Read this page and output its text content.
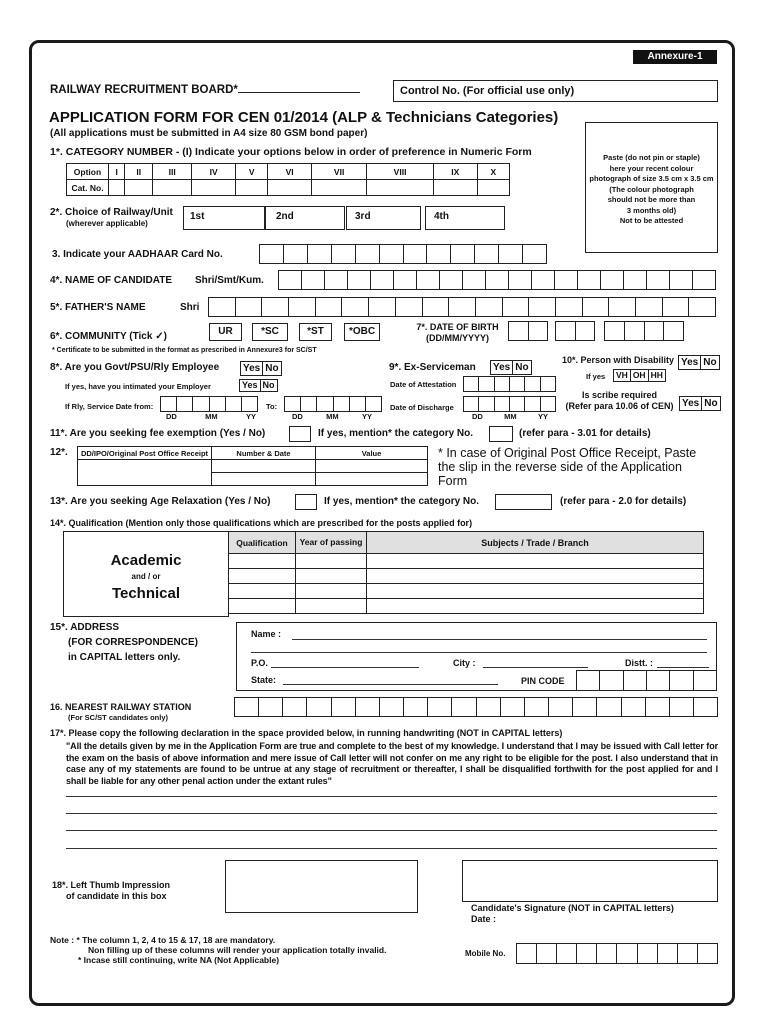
Annexure-1
RAILWAY RECRUITMENT BOARD*	Control No. (For official use only)
APPLICATION FORM FOR CEN 01/2014 (ALP & Technicians Categories)
(All applications must be submitted in A4 size 80 GSM bond paper)
Paste (do not pin or staple)
here your recent colour
photograph of size 3.5 cm x 3.5 cm
(The colour photograph
should not be more than
3 months old)
Not to be attested
1*. CATEGORY NUMBER - (I) Indicate your options below in order of preference in Numeric Form
Option	I	II	III	IV	V	VI	VII	VIII	IX	X
Cat. No.										
2*. Choice of Railway/Unit
(wherever applicable)
1st	2nd	3rd	4th
3. Indicate your AADHAAR Card No.
4*. NAME OF CANDIDATE Shri/Smt/Kum.
5*. FATHER'S NAME	Shri
6*. COMMUNITY (Tick ✓)	UR	*SC	*ST	*OBC
* Certificate to be submitted in the format as prescribed in Annexure3 for SC/ST
7*. DATE OF BIRTH
(DD/MM/YYYY)
8*. Are you Govt/PSU/Rly Employee Yes No
If yes, have you intimated your Employer	Yes No
If Rly, Service Date from:
DD	MM	YY
To:
DD	MM	YY
9*. Ex-Serviceman Yes No
Date of Attestation
Date of Discharge
DD	MM	YY
10*. Person with Disability Yes No
If yes VH OH HH
Is scribe required
(Refer para 10.06 of CEN) Yes No
11*. Are you seeking fee exemption (Yes / No)	If yes, mention* the category No.	(refer para - 3.01 for details)
12*. DD/IPO/Original Post Office Receipt	Number & Date	Value

		* In case of Original Post Office Receipt, Paste the slip in the reverse side of the Application Form
13*. Are you seeking Age Relaxation (Yes / No)	If yes, mention* the category No.	(refer para - 2.0 for details)
14*. Qualification (Mention only those qualifications which are prescribed for the posts applied for)
Academic
and / or
Technical
Qualification	Year of passing	Subjects / Trade / Branch

15*. ADDRESS
(FOR CORRESPONDENCE)
in CAPITAL letters only.
Name :
P.O.	City :	Distt. :
State:	PIN CODE
16. NEAREST RAILWAY STATION
(For SC/ST candidates only)
17*. Please copy the following declaration in the space provided below, in running handwriting (NOT in CAPITAL letters)
"All the details given by me in the Application Form are true and complete to the best of my knowledge. I understand that I may be issued with Call letter for the exam on the basis of above information and mere issue of Call letter will not confer on me any right to be eligible for the post. I also understand that in case any of my statements are found to be untrue at any stage of recruitment or thereafter, I shall be disqualified forthwith for the post applied for and I shall be liable for any other penal action under the extant rules"
18*. Left Thumb Impression
of candidate in this box
Candidate's Signature (NOT in CAPITAL letters)
Date :
Note : * The column 1, 2, 4 to 15 & 17, 18 are mandatory.
Non filling up of these columns will render your application totally invalid.
* Incase still continuing, write NA (Not Applicable)
Mobile No.
